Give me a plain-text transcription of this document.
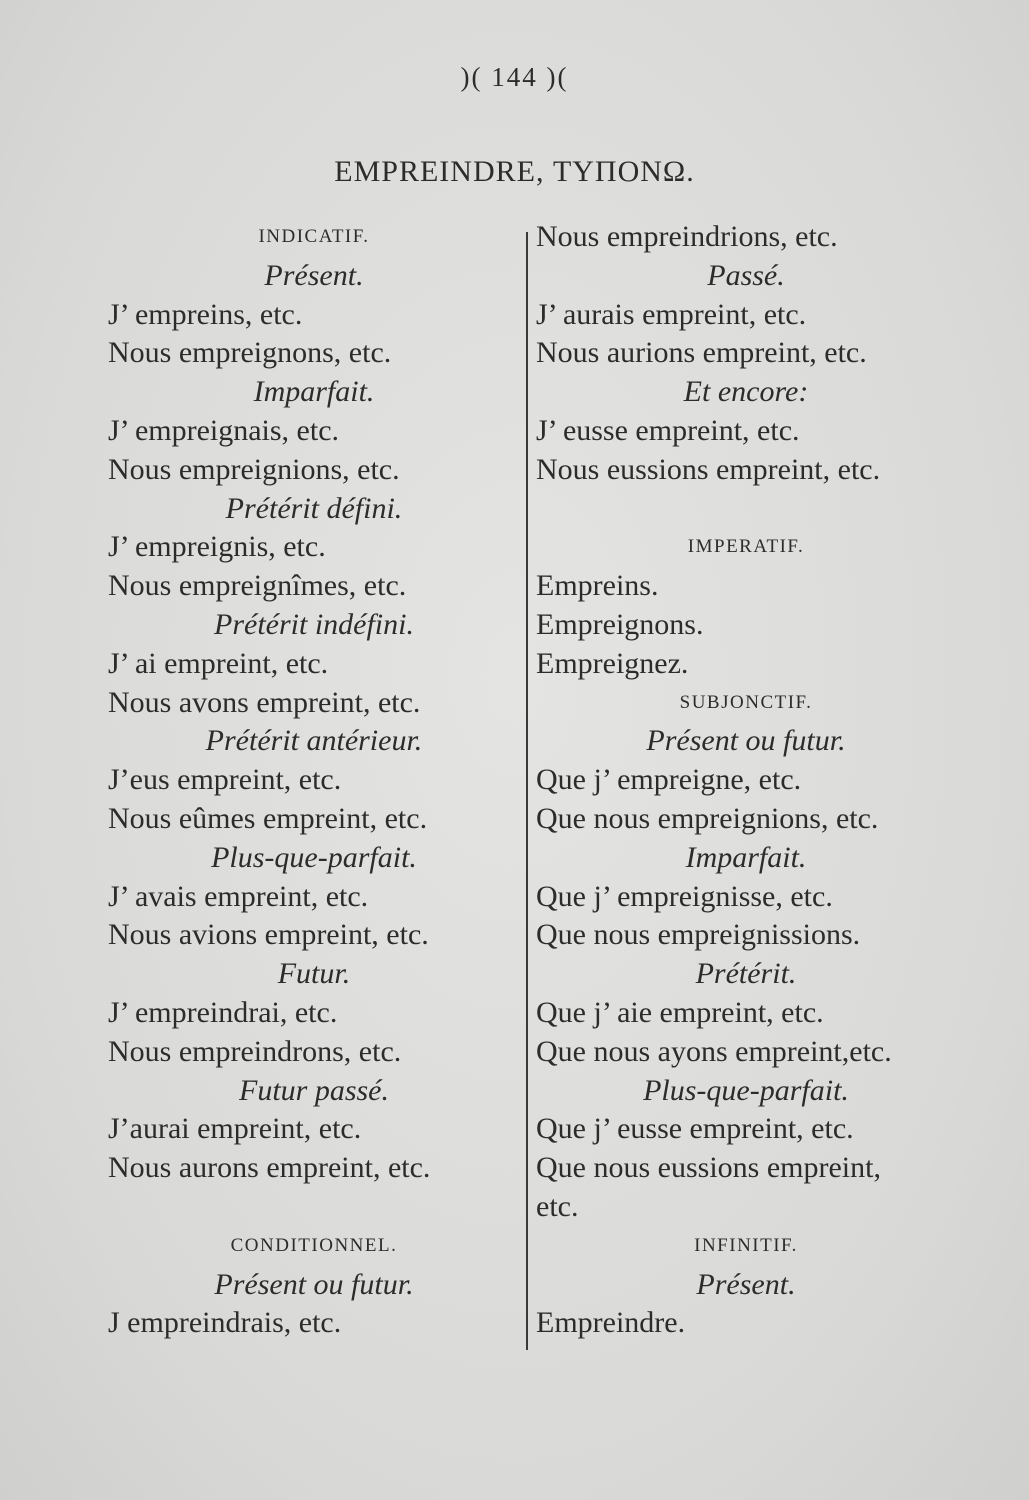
)( 144 )(
EMPREINDRE, ΤΥΠΟΝΩ.
INDICATIF.
Présent.
J’ empreins, etc.
Nous empreignons, etc.
Imparfait.
J’ empreignais, etc.
Nous empreignions, etc.
Prétérit défini.
J’ empreignis, etc.
Nous empreignîmes, etc.
Prétérit indéfini.
J’ ai empreint, etc.
Nous avons empreint, etc.
Prétérit antérieur.
J’eus empreint, etc.
Nous eûmes empreint, etc.
Plus-que-parfait.
J’ avais empreint, etc.
Nous avions empreint, etc.
Futur.
J’ empreindrai, etc.
Nous empreindrons, etc.
Futur passé.
J’aurai empreint, etc.
Nous aurons empreint, etc.
CONDITIONNEL.
Présent ou futur.
J empreindrais, etc.
Nous empreindrions, etc.
Passé.
J’ aurais empreint, etc.
Nous aurions empreint, etc.
Et encore:
J’ eusse empreint, etc.
Nous eussions empreint, etc.
IMPERATIF.
Empreins.
Empreignons.
Empreignez.
SUBJONCTIF.
Présent ou futur.
Que j’ empreigne, etc.
Que nous empreignions, etc.
Imparfait.
Que j’ empreignisse, etc.
Que nous empreignissions.
Prétérit.
Que j’ aie empreint, etc.
Que nous ayons empreint,etc.
Plus-que-parfait.
Que j’ eusse empreint, etc.
Que nous eussions empreint,
etc.
INFINITIF.
Présent.
Empreindre.
